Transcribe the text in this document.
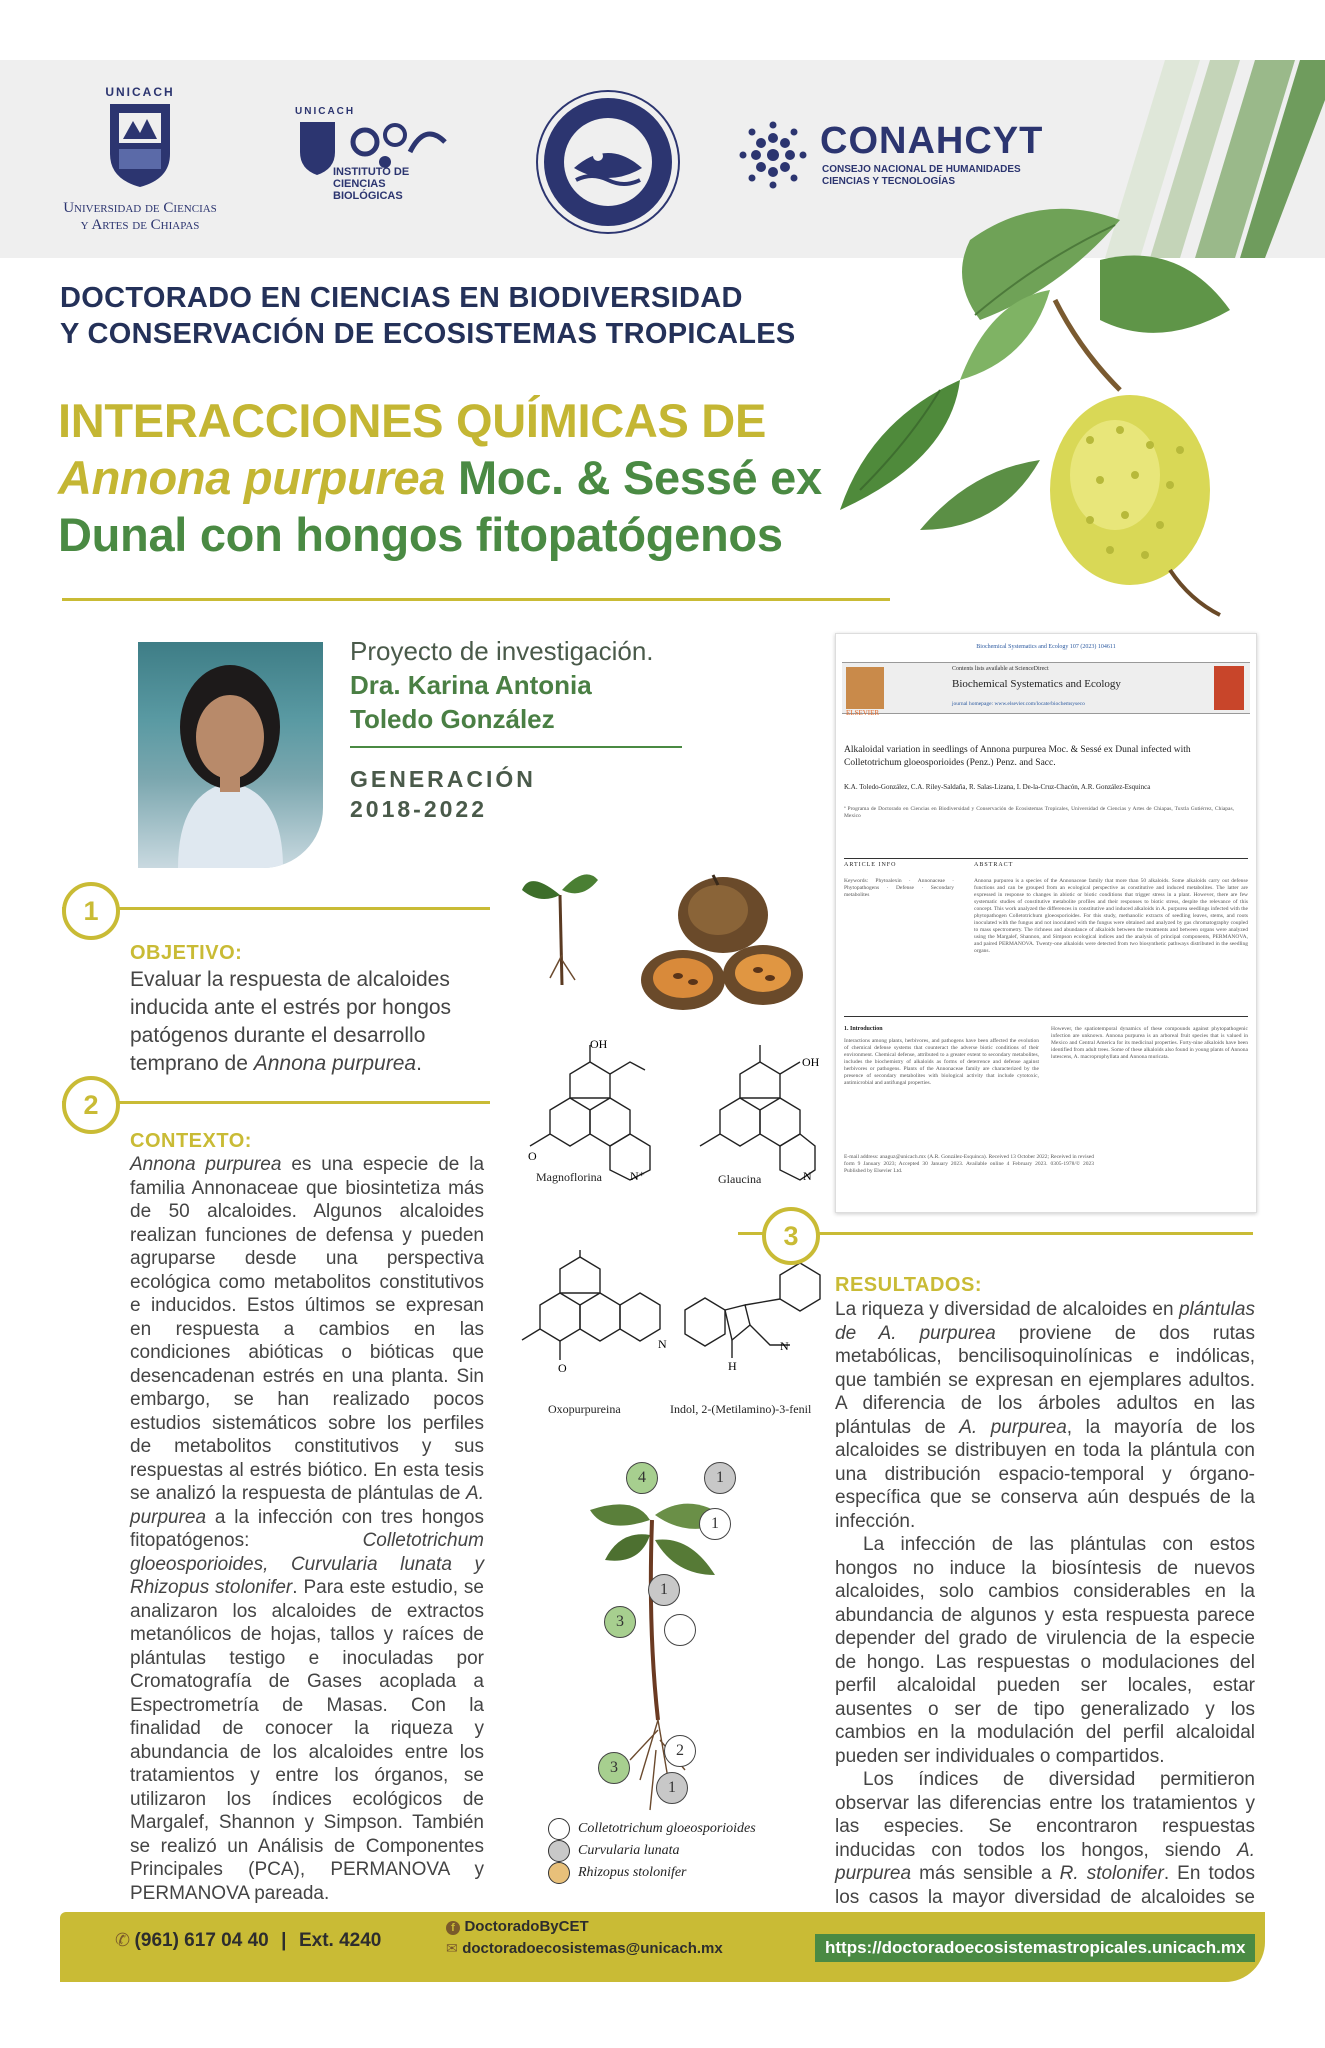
UNICACH
Universidad de Ciencias
y Artes de Chiapas
UNICACH
INSTITUTO DE CIENCIAS BIOLÓGICAS
CONAHCYT
CONSEJO NACIONAL DE HUMANIDADES
CIENCIAS Y TECNOLOGÍAS
DOCTORADO EN CIENCIAS EN BIODIVERSIDAD
Y CONSERVACIÓN DE ECOSISTEMAS TROPICALES
INTERACCIONES QUÍMICAS DE
Annona purpurea Moc. & Sessé ex
Dunal con hongos fitopatógenos
Proyecto de investigación.
Dra. Karina Antonia
Toledo González
GENERACIÓN
2018-2022
Biochemical Systematics and Ecology 107 (2023) 104611
ELSEVIER
Contents lists available at ScienceDirect
Biochemical Systematics and Ecology
journal homepage: www.elsevier.com/locate/biochemsyseco
Alkaloidal variation in seedlings of Annona purpurea Moc. & Sessé ex Dunal infected with Colletotrichum gloeosporioides (Penz.) Penz. and Sacc.
K.A. Toledo-González, C.A. Riley-Saldaña, R. Salas-Lizana, I. De-la-Cruz-Chacón, A.R. González-Esquinca
ª Programa de Doctorado en Ciencias en Biodiversidad y Conservación de Ecosistemas Tropicales, Universidad de Ciencias y Artes de Chiapas, Tuxtla Gutiérrez, Chiapas, Mexico
ARTICLE INFO	ABSTRACT
Keywords: Phytoalexin · Annonaceae · Phytopathogens · Defense · Secondary metabolites
Annona purpurea is a species of the Annonaceae family that more than 50 alkaloids. Some alkaloids carry out defense functions and can be grouped from an ecological perspective as constitutive and induced metabolites. The latter are expressed in response to changes in abiotic or biotic conditions that trigger stress in a plant. However, there are few systematic studies of constitutive metabolite profiles and their responses to biotic stress, despite the relevance of this concept. This work analyzed the differences in constitutive and induced alkaloids in A. purpurea seedlings infected with the phytopathogen Colletotrichum gloeosporioides. For this study, methanolic extracts of seedling leaves, stems, and roots inoculated with the fungus and not inoculated with the fungus were obtained and analyzed by gas chromatography coupled to mass spectrometry. The richness and abundance of alkaloids between the treatments and between organs were analyzed using the Margalef, Shannon, and Simpson ecological indices and the analysis of principal components, PERMANOVA, and paired PERMANOVA. Twenty-one alkaloids were detected from two biosynthetic pathways distributed in the seedling organs.
1. Introduction
Interactions among plants, herbivores, and pathogens have been affected the evolution of chemical defense systems that counteract the adverse biotic conditions of their environment. Chemical defense, attributed to a greater extent to secondary metabolites, includes the biochemistry of alkaloids as forms of deterrence and defense against herbivores or pathogens. Plants of the Annonaceae family are characterized by the presence of secondary metabolites with biological activity that include cytotoxic, antimicrobial and antifungal properties.
However, the spatiotemporal dynamics of these compounds against phytopathogenic infection are unknown. Annona purpurea is an arboreal fruit species that is valued in Mexico and Central America for its medicinal properties. Forty-nine alkaloids have been identified from adult trees. Some of these alkaloids also found in young plants of Annona lutescens, A. macroprophyllata and Annona muricata.
E-mail address: anaguz@unicach.mx (A.R. González-Esquinca). Received 13 October 2022; Received in revised form 9 January 2023; Accepted 30 January 2023. Available online 4 February 2023. 0305-1978/© 2023 Published by Elsevier Ltd.
1
OBJETIVO:
Evaluar la respuesta de alcaloides inducida ante el estrés por hongos patógenos durante el desarrollo temprano de Annona purpurea.
2
CONTEXTO:
Annona purpurea es una especie de la familia Annonaceae que biosintetiza más de 50 alcaloides. Algunos alcaloides realizan funciones de defensa y pueden agruparse desde una perspectiva ecológica como metabolitos constitutivos e inducidos. Estos últimos se expresan en respuesta a cambios en las condiciones abióticas o bióticas que desencadenan estrés en una planta. Sin embargo, se han realizado pocos estudios sistemáticos sobre los perfiles de metabolitos constitutivos y sus respuestas al estrés biótico. En esta tesis se analizó la respuesta de plántulas de A. purpurea a la infección con tres hongos fitopatógenos: Colletotrichum gloeosporioides, Curvularia lunata y Rhizopus stolonifer. Para este estudio, se analizaron los alcaloides de extractos metanólicos de hojas, tallos y raíces de plántulas testigo e inoculadas por Cromatografía de Gases acoplada a Espectrometría de Masas. Con la finalidad de conocer la riqueza y abundancia de los alcaloides entre los tratamientos y entre los órganos, se utilizaron los índices ecológicos de Margalef, Shannon y Simpson. También se realizó un Análisis de Componentes Principales (PCA), PERMANOVA y PERMANOVA pareada.
O
OH
N⁺	N
OH
Magnoflorina	Glaucina
O
N
H
N
Oxopurpureina	Indol, 2-(Metilamino)-3-fenil
4	1
1
1
3
2
3
1
Colletotrichum gloeosporioides
Curvularia lunata
Rhizopus stolonifer
3
RESULTADOS:

La riqueza y diversidad de alcaloides en plántulas de A. purpurea proviene de dos rutas metabólicas, bencilisoquinolínicas e indólicas, que también se expresan en ejemplares adultos. A diferencia de los árboles adultos en las plántulas de A. purpurea, la mayoría de los alcaloides se distribuyen en toda la plántula con una distribución espacio-temporal y órgano-específica que se conserva aún después de la infección.

La infección de las plántulas con estos hongos no induce la biosíntesis de nuevos alcaloides, solo cambios considerables en la abundancia de algunos y esta respuesta parece depender del grado de virulencia de la especie de hongo. Las respuestas o modulaciones del perfil alcaloidal pueden ser locales, estar ausentes o ser de tipo generalizado y los cambios en la modulación del perfil alcaloidal pueden ser individuales o compartidos.

Los índices de diversidad permitieron observar las diferencias entre los tratamientos y las especies. Se encontraron respuestas inducidas con todos los hongos, siendo A. purpurea más sensible a R. stolonifer. En todos los casos la mayor diversidad de alcaloides se

✆ (961) 617 04 40 | Ext. 4240
f DoctoradoByCET
✉ doctoradoecosistemas@unicach.mx	https://doctoradoecosistemastropicales.unicach.mx
